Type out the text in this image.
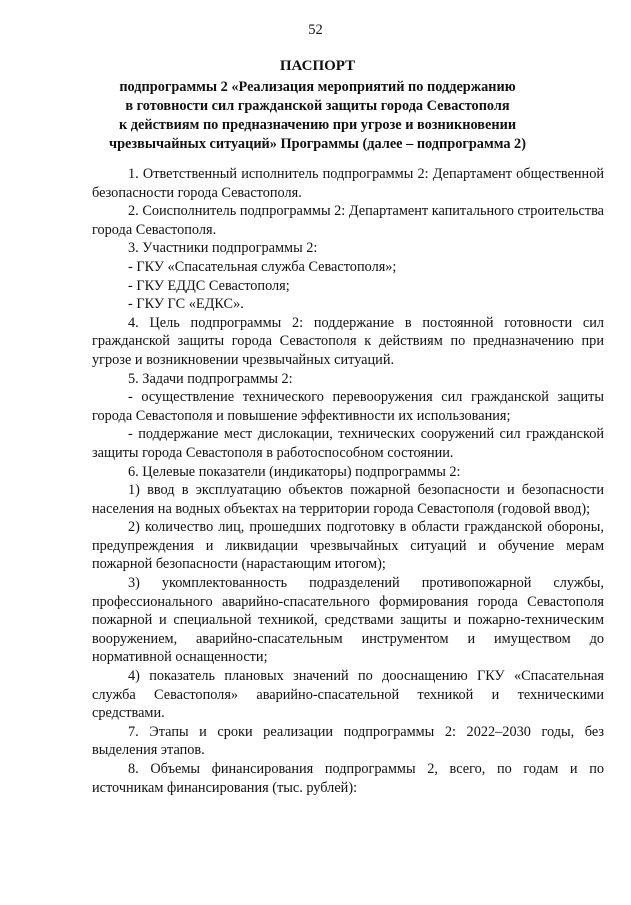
52
ПАСПОРТ
подпрограммы 2 «Реализация мероприятий по поддержанию
в готовности сил гражданской защиты города Севастополя
к действиям по предназначению при угрозе и возникновении
чрезвычайных ситуаций» Программы (далее – подпрограмма 2)

1. Ответственный исполнитель подпрограммы 2: Департамент общественной безопасности города Севастополя.

2. Соисполнитель подпрограммы 2: Департамент капитального строительства города Севастополя.

3. Участники подпрограммы 2:

- ГКУ «Спасательная служба Севастополя»;

- ГКУ ЕДДС Севастополя;

- ГКУ ГС «ЕДКС».

4. Цель подпрограммы 2: поддержание в постоянной готовности сил гражданской защиты города Севастополя к действиям по предназначению при угрозе и возникновении чрезвычайных ситуаций.

5. Задачи подпрограммы 2:

- осуществление технического перевооружения сил гражданской защиты города Севастополя и повышение эффективности их использования;

- поддержание мест дислокации, технических сооружений сил гражданской защиты города Севастополя в работоспособном состоянии.

6. Целевые показатели (индикаторы) подпрограммы 2:

1) ввод в эксплуатацию объектов пожарной безопасности и безопасности населения на водных объектах на территории города Севастополя (годовой ввод);

2) количество лиц, прошедших подготовку в области гражданской обороны, предупреждения и ликвидации чрезвычайных ситуаций и обучение мерам пожарной безопасности (нарастающим итогом);

3) укомплектованность подразделений противопожарной службы, профессионального аварийно-спасательного формирования города Севастополя пожарной и специальной техникой, средствами защиты и пожарно-техническим вооружением, аварийно-спасательным инструментом и имуществом до нормативной оснащенности;

4) показатель плановых значений по дооснащению ГКУ «Спасательная служба Севастополя» аварийно-спасательной техникой и техническими средствами.

7. Этапы и сроки реализации подпрограммы 2: 2022–2030 годы, без выделения этапов.

8. Объемы финансирования подпрограммы 2, всего, по годам и по источникам финансирования (тыс. рублей):
